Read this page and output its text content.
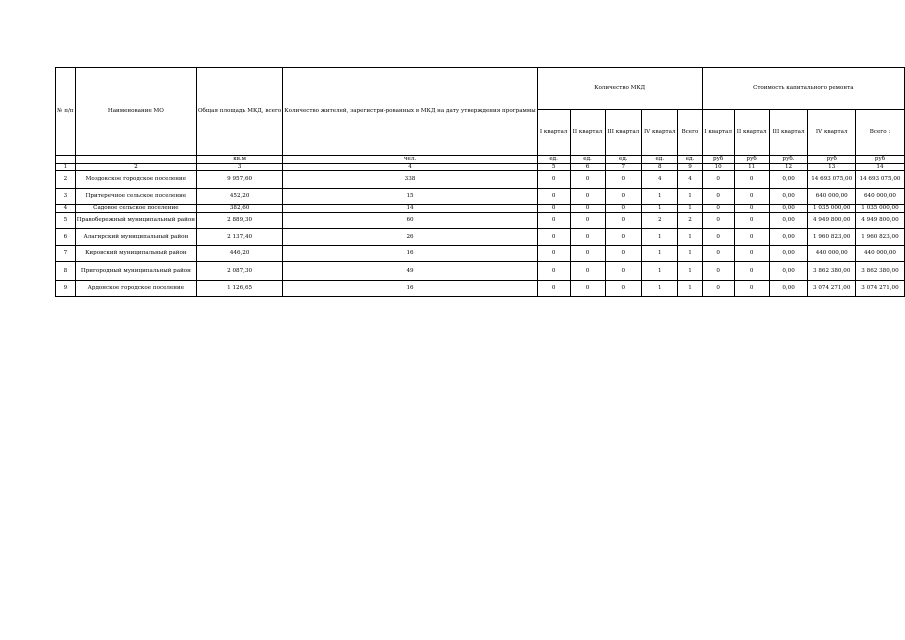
№ п/п	Наименование МО	Общая площадь МКД, всего	Количество жителей, зарегистри-рованных в МКД на дату утверждения программы	Количество МКД					Стоимость капитального ремонта				
				I квартал	II квартал	III квартал	IV квартал	Всего	I квартал	II квартал	III квартал	IV квартал	Всего :
		кв.м	чел.	ед.	ед.	ед.	ед.	ед.	руб	руб	руб.	руб	руб
1	2	3	4	5	6	7	8	9	10	11	12	13	14
2	Моздокское городское поселение	9 957,60	338	0	0	0	4	4	0	0	0,00	14 693 075,00	14 693 075,00
3	Притеречное сельское поселение	452,20	15	0	0	0	1	1	0	0	0,00	640 000,00	640 000,00
4	Садовое сельское поселение	382,60	14	0	0	0	1	1	0	0	0,00	1 035 000,00	1 035 000,00
5	Правобережный муниципальный район	2 889,30	60	0	0	0	2	2	0	0	0,00	4 949 800,00	4 949 800,00
6	Алагирский муниципальный район	2 137,40	26	0	0	0	1	1	0	0	0,00	1 960 823,00	1 960 823,00
7	Кировский муниципальный район	446,20	16	0	0	0	1	1	0	0	0,00	440 000,00	440 000,00
8	Пригородный муниципальный район	2 087,30	49	0	0	0	1	1	0	0	0,00	3 862 380,00	3 862 380,00
9	Ардонское городское поселение	1 126,65	16	0	0	0	1	1	0	0	0,00	3 074 271,00	3 074 271,00
